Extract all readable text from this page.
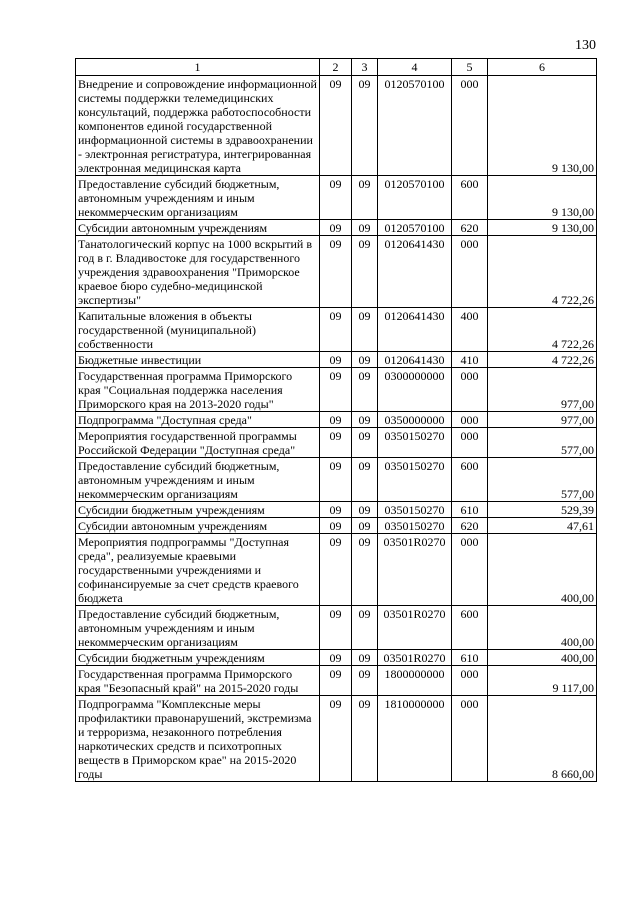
130
1	2	3	4	5	6
Внедрение и сопровождение информационной системы поддержки телемедицинских консультаций, поддержка работоспособности компонентов единой государственной информационной системы в здравоохранении - электронная регистратура, интегрированная электронная медицинская карта	09	09	0120570100	000	9 130,00
Предоставление субсидий бюджетным, автономным учреждениям и иным некоммерческим организациям	09	09	0120570100	600	9 130,00
Субсидии автономным учреждениям	09	09	0120570100	620	9 130,00
Танатологический корпус на 1000 вскрытий в год в г. Владивостоке для государственного учреждения здравоохранения "Приморское краевое бюро судебно-медицинской экспертизы"	09	09	0120641430	000	4 722,26
Капитальные вложения в объекты государственной (муниципальной) собственности	09	09	0120641430	400	4 722,26
Бюджетные инвестиции	09	09	0120641430	410	4 722,26
Государственная программа Приморского края "Социальная поддержка населения Приморского края на 2013-2020 годы"	09	09	0300000000	000	977,00
Подпрограмма "Доступная среда"	09	09	0350000000	000	977,00
Мероприятия государственной программы Российской Федерации "Доступная среда"	09	09	0350150270	000	577,00
Предоставление субсидий бюджетным, автономным учреждениям и иным некоммерческим организациям	09	09	0350150270	600	577,00
Субсидии бюджетным учреждениям	09	09	0350150270	610	529,39
Субсидии автономным учреждениям	09	09	0350150270	620	47,61
Мероприятия подпрограммы "Доступная среда", реализуемые краевыми государственными учреждениями и софинансируемые за счет средств краевого бюджета	09	09	03501R0270	000	400,00
Предоставление субсидий бюджетным, автономным учреждениям и иным некоммерческим организациям	09	09	03501R0270	600	400,00
Субсидии бюджетным учреждениям	09	09	03501R0270	610	400,00
Государственная программа Приморского края "Безопасный край" на 2015-2020 годы	09	09	1800000000	000	9 117,00
Подпрограмма "Комплексные меры профилактики правонарушений, экстремизма и терроризма, незаконного потребления наркотических средств и психотропных веществ в Приморском крае" на 2015-2020 годы	09	09	1810000000	000	8 660,00
